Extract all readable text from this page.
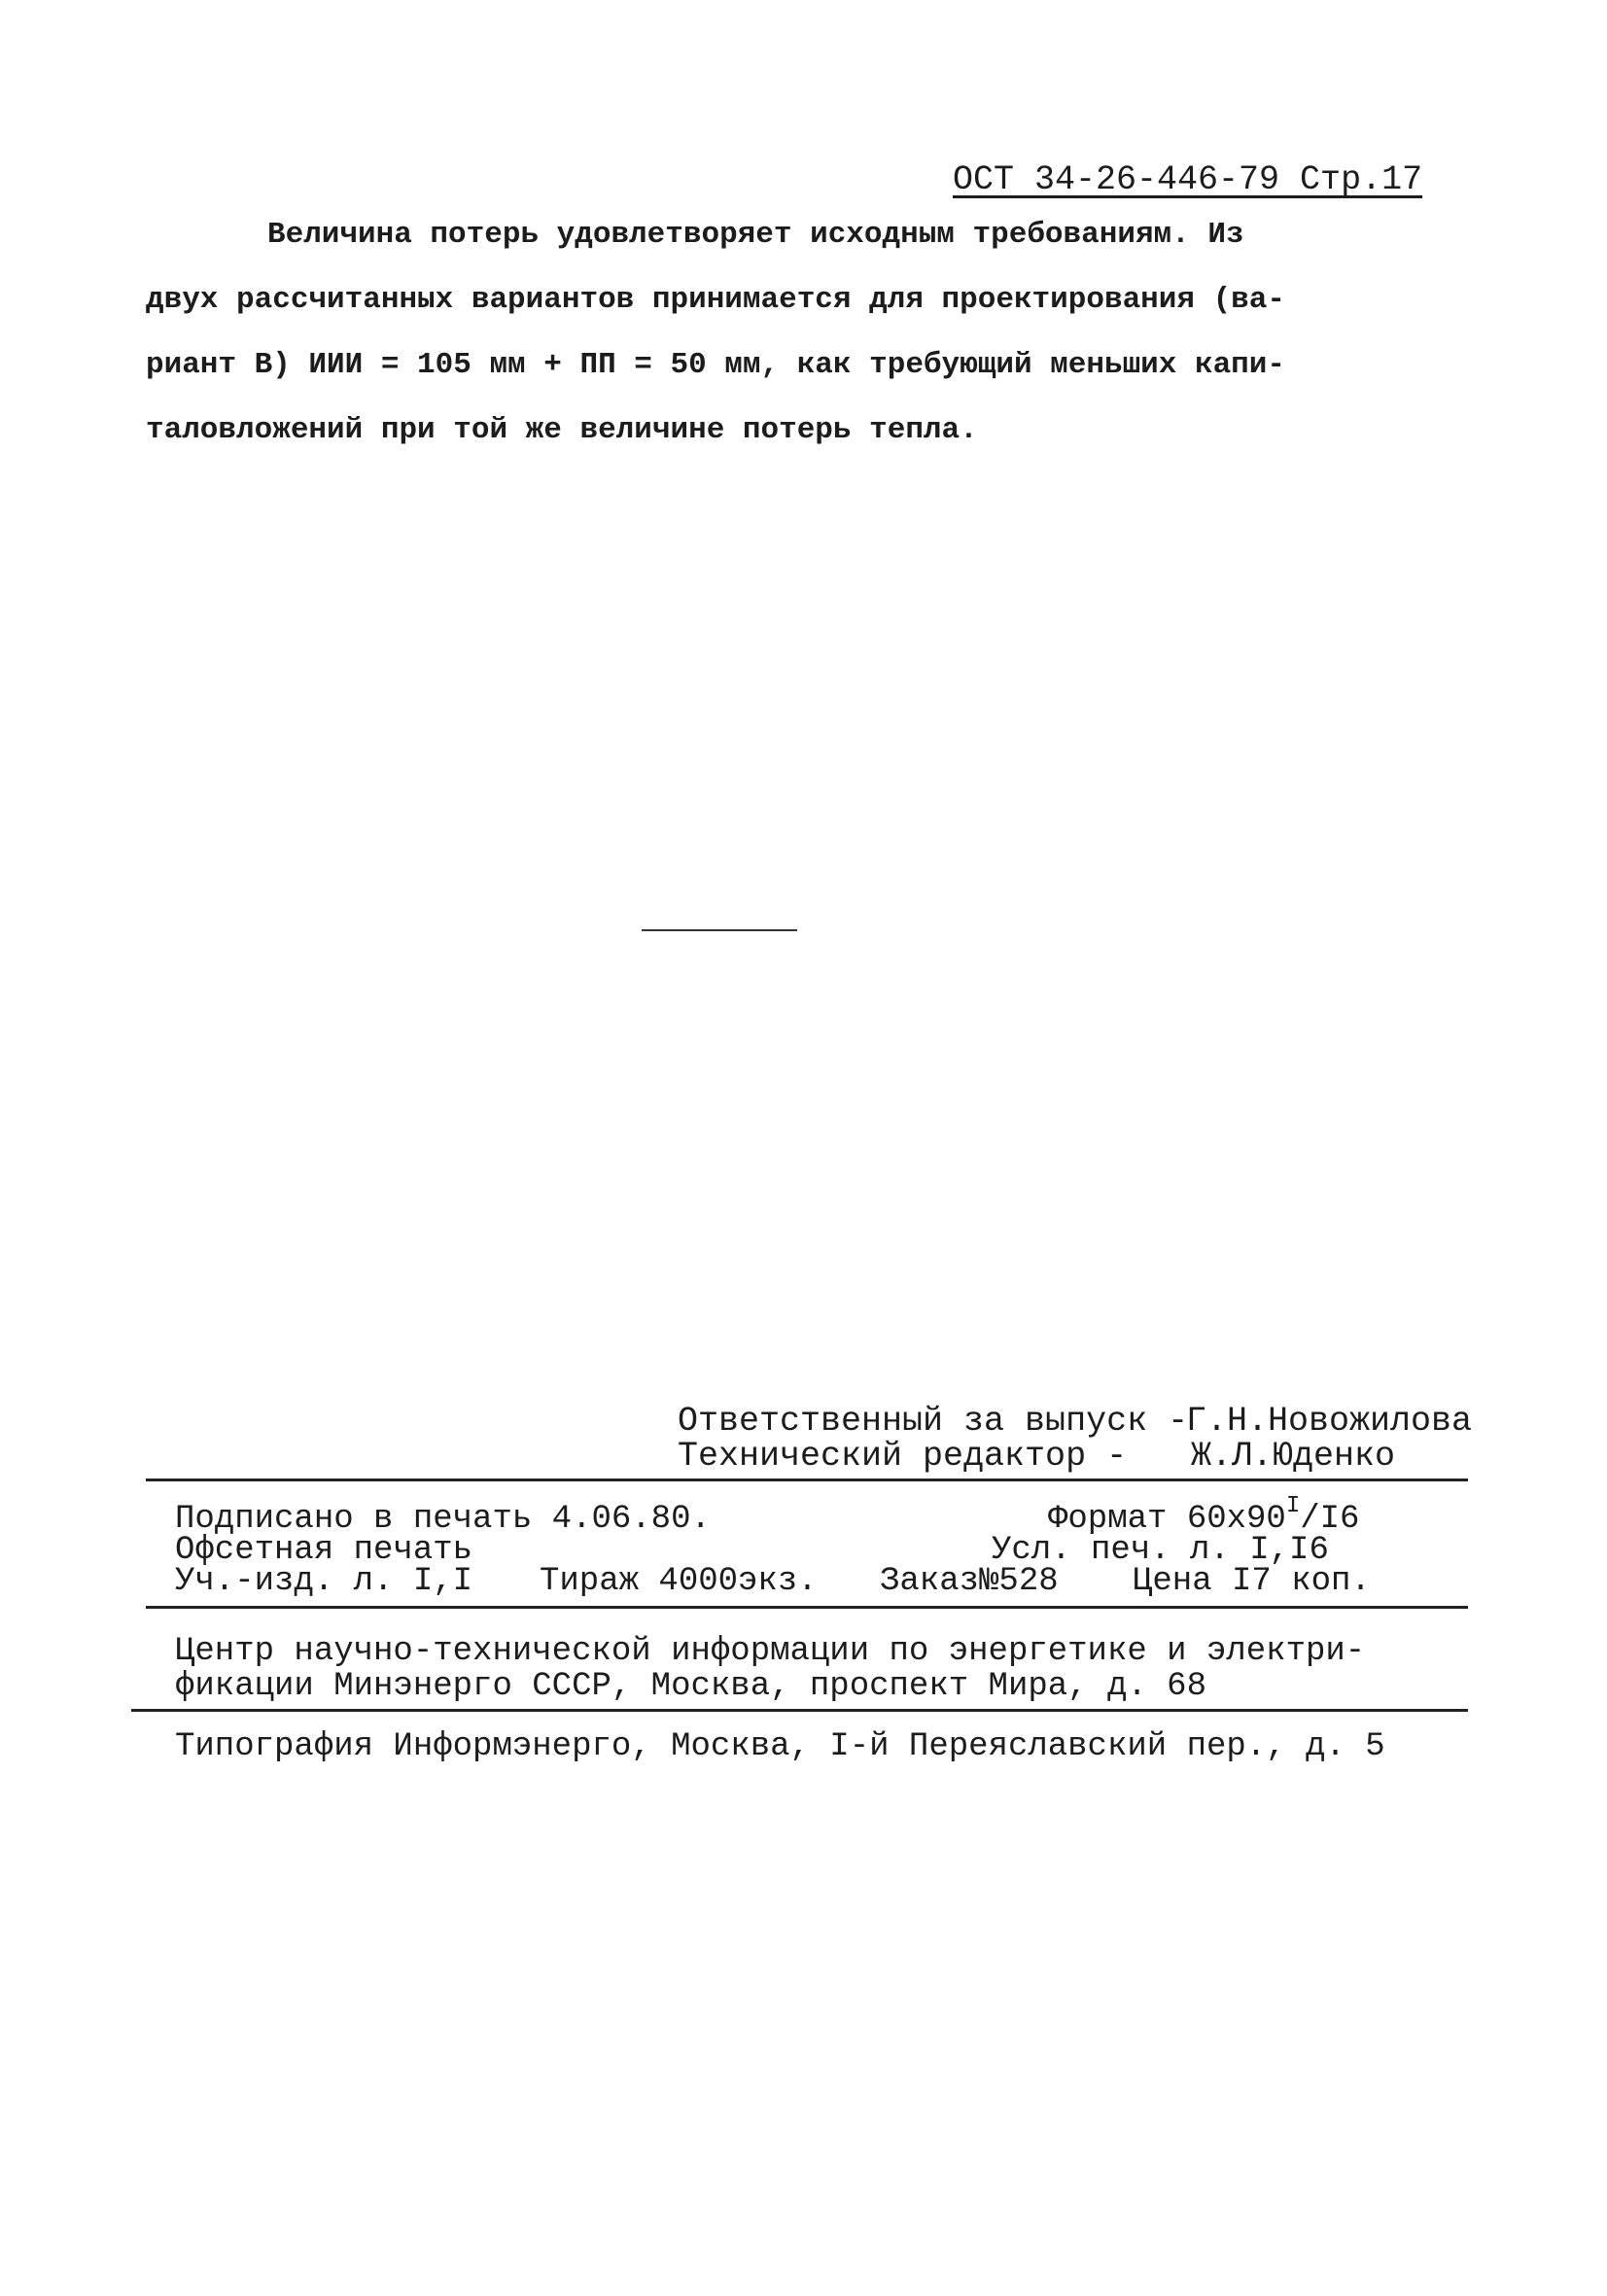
ОСТ 34-26-446-79 Стр.17
Величина потерь удовлетворяет исходным требованиям. Из
двух рассчитанных вариантов принимается для проектирования (ва-
риант В) ИИИ = 105 мм + ПП = 50 мм, как требующий меньших капи-
таловложений при той же величине потерь тепла.
Ответственный за выпуск -
Г.Н.Новожилова
Технический редактор - Ж.Л.Юденко
Подписано в печать 4.06.80.	Формат $60х90^I/I6$
Офсетная печать	Усл. печ. л. I,I6
Уч.-изд. л. I,I Тираж 4000экз. Заказ№528 Цена I7 коп.
Центр научно-технической информации по энергетике и электри-
фикации Минэнерго СССР, Москва, проспект Мира, д. 68
Типография Информэнерго, Москва, I-й Переяславский пер., д. 5
